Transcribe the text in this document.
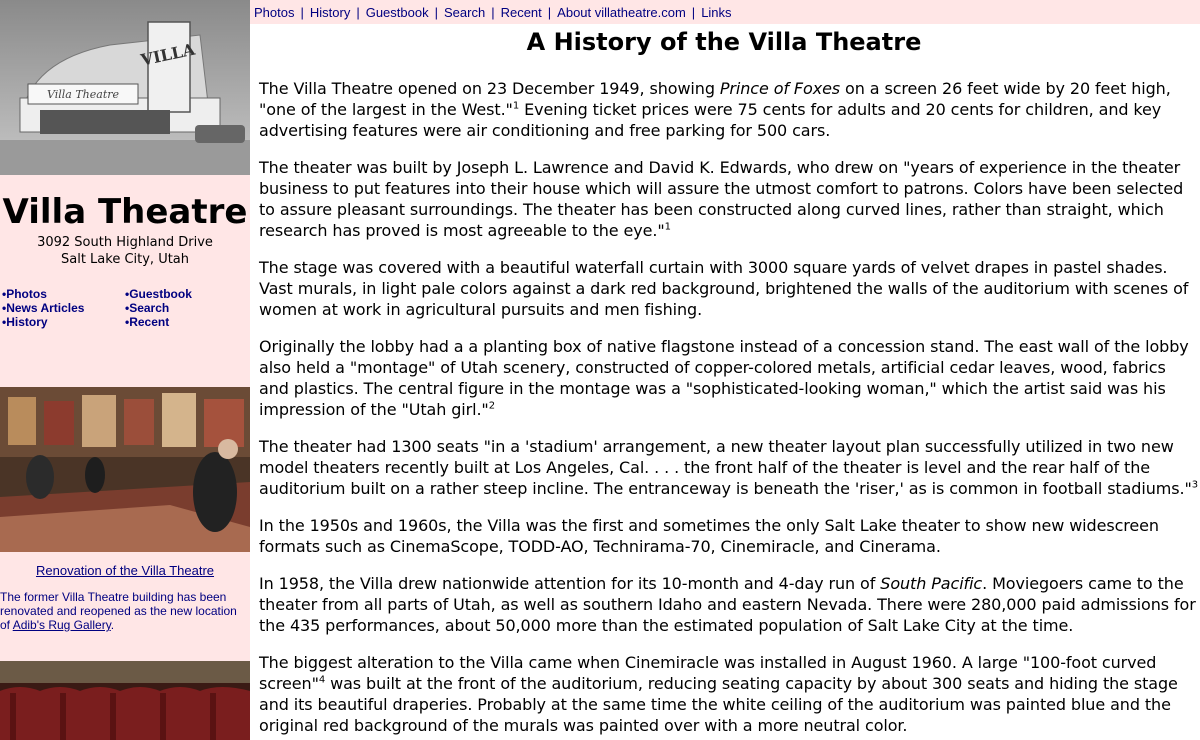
VILLA
Villa Theatre
Villa Theatre
3092 South Highland Drive
Salt Lake City, Utah
•Photos
•News Articles
•History
•Guestbook
•Search
•Recent
Renovation of the Villa Theatre
The former Villa Theatre building has been renovated and reopened as the new location of Adib's Rug Gallery.
Photos | History | Guestbook | Search | Recent | About villatheatre.com | Links
A History of the Villa Theatre

The Villa Theatre opened on 23 December 1949, showing Prince of Foxes on a screen 26 feet wide by 20 feet high, "one of the largest in the West."$^1$ Evening ticket prices were 75 cents for adults and 20 cents for children, and key advertising features were air conditioning and free parking for 500 cars.

The theater was built by Joseph L. Lawrence and David K. Edwards, who drew on "years of experience in the theater business to put features into their house which will assure the utmost comfort to patrons. Colors have been selected to assure pleasant surroundings. The theater has been constructed along curved lines, rather than straight, which research has proved is most agreeable to the eye."$^1$

The stage was covered with a beautiful waterfall curtain with 3000 square yards of velvet drapes in pastel shades. Vast murals, in light pale colors against a dark red background, brightened the walls of the auditorium with scenes of women at work in agricultural pursuits and men fishing.

Originally the lobby had a a planting box of native flagstone instead of a concession stand. The east wall of the lobby also held a "montage" of Utah scenery, constructed of copper-colored metals, artificial cedar leaves, wood, fabrics and plastics. The central figure in the montage was a "sophisticated-looking woman," which the artist said was his impression of the "Utah girl."$^2$

The theater had 1300 seats "in a 'stadium' arrangement, a new theater layout plan successfully utilized in two new model theaters recently built at Los Angeles, Cal. . . . the front half of the theater is level and the rear half of the auditorium built on a rather steep incline. The entranceway is beneath the 'riser,' as is common in football stadiums."$^3$

In the 1950s and 1960s, the Villa was the first and sometimes the only Salt Lake theater to show new widescreen formats such as CinemaScope, TODD-AO, Technirama-70, Cinemiracle, and Cinerama.

In 1958, the Villa drew nationwide attention for its 10-month and 4-day run of South Pacific. Moviegoers came to the theater from all parts of Utah, as well as southern Idaho and eastern Nevada. There were 280,000 paid admissions for the 435 performances, about 50,000 more than the estimated population of Salt Lake City at the time.

The biggest alteration to the Villa came when Cinemiracle was installed in August 1960. A large "100-foot curved screen"$^4$ was built at the front of the auditorium, reducing seating capacity by about 300 seats and hiding the stage and its beautiful draperies. Probably at the same time the white ceiling of the auditorium was painted blue and the original red background of the murals was painted over with a more neutral color.
